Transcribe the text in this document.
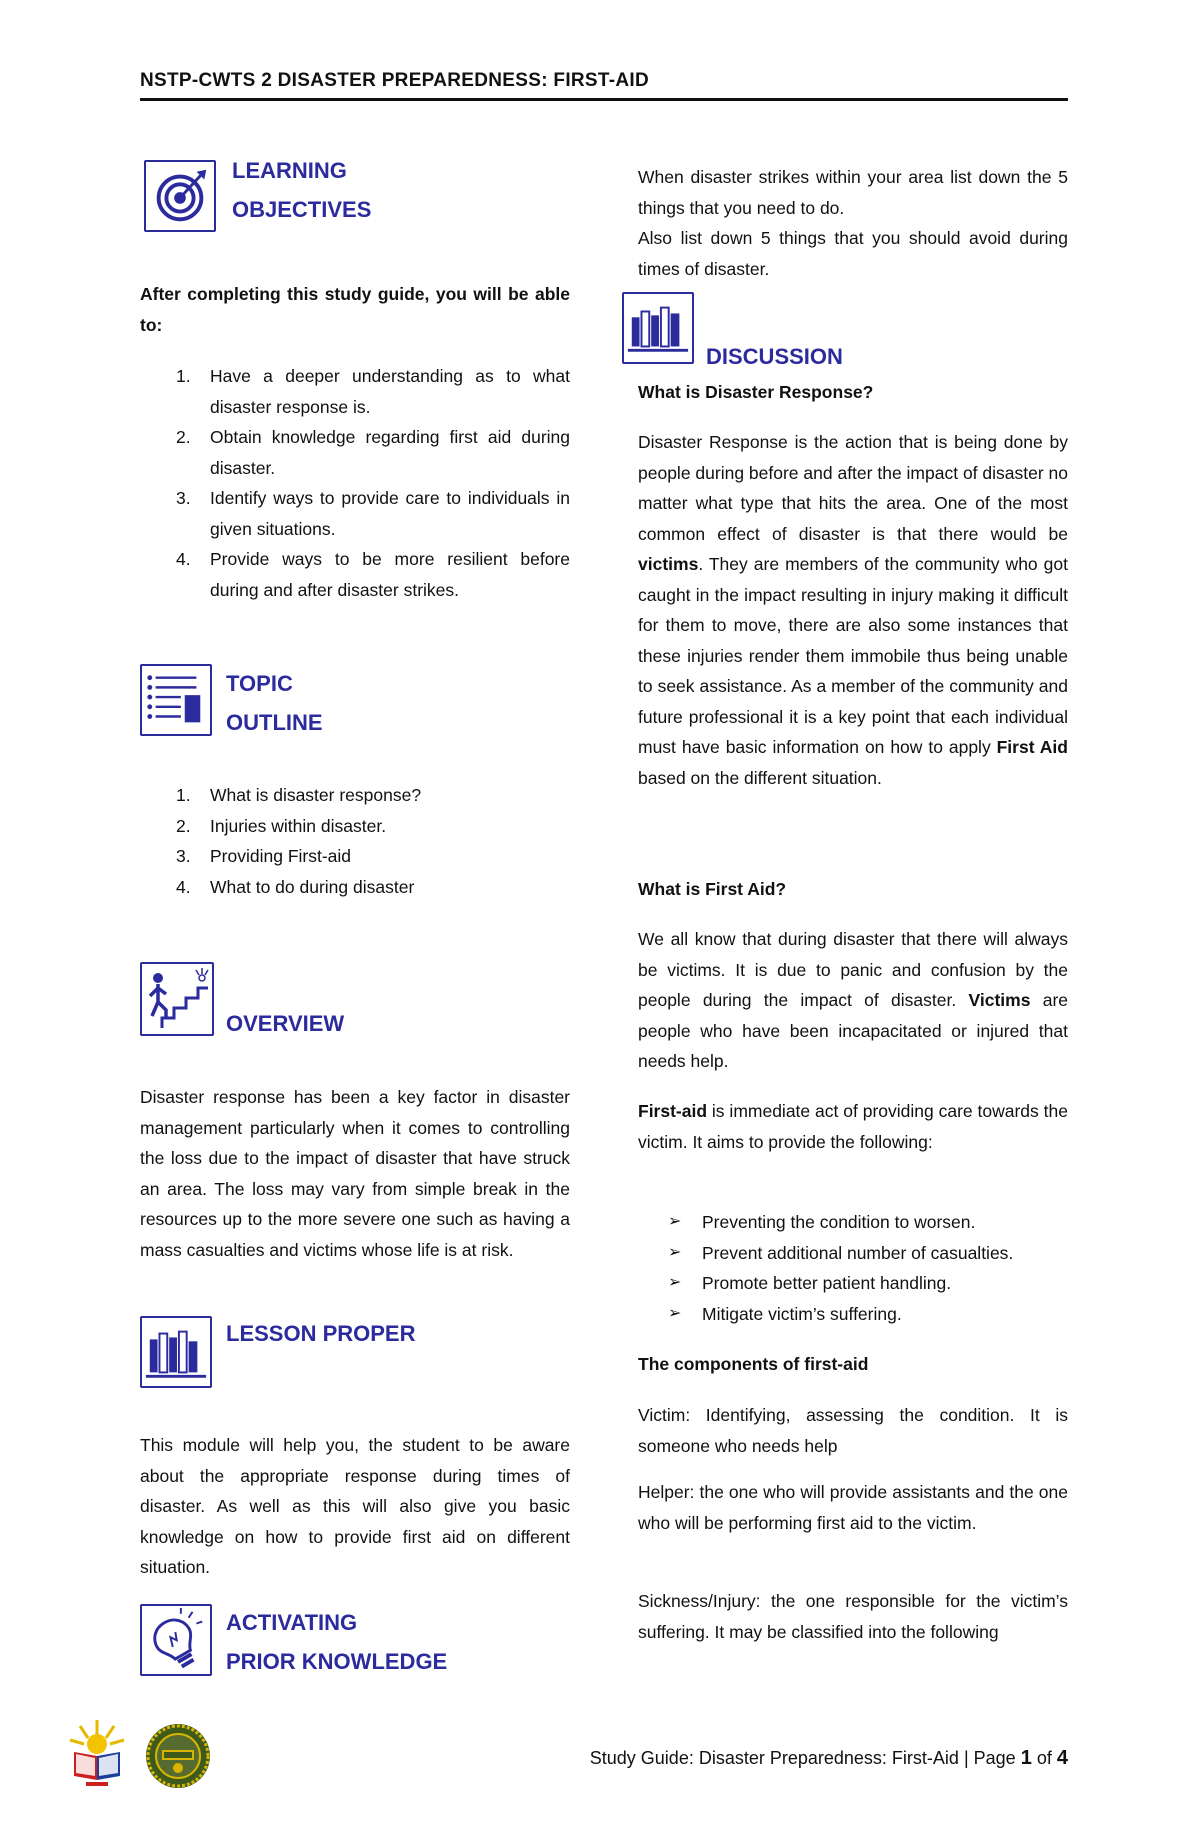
NSTP-CWTS 2 DISASTER PREPAREDNESS: FIRST-AID
LEARNING
OBJECTIVES

After completing this study guide, you will be able to:

1. Have a deeper understanding as to what disaster response is.
2. Obtain knowledge regarding first aid during disaster.
3. Identify ways to provide care to individuals in given situations.
4. Provide ways to be more resilient before during and after disaster strikes.
TOPIC
OUTLINE
1. What is disaster response?
2. Injuries within disaster.
3. Providing First-aid
4. What to do during disaster
OVERVIEW

Disaster response has been a key factor in disaster management particularly when it comes to controlling the loss due to the impact of disaster that have struck an area. The loss may vary from simple break in the resources up to the more severe one such as having a mass casualties and victims whose life is at risk.

LESSON PROPER

This module will help you, the student to be aware about the appropriate response during times of disaster. As well as this will also give you basic knowledge on how to provide first aid on different situation.

ACTIVATING
PRIOR KNOWLEDGE

When disaster strikes within your area list down the 5 things that you need to do.

Also list down 5 things that you should avoid during times of disaster.

DISCUSSION

What is Disaster Response?

Disaster Response is the action that is being done by people during before and after the impact of disaster no matter what type that hits the area. One of the most common effect of disaster is that there would be victims. They are members of the community who got caught in the impact resulting in injury making it difficult for them to move, there are also some instances that these injuries render them immobile thus being unable to seek assistance. As a member of the community and future professional it is a key point that each individual must have basic information on how to apply First Aid based on the different situation.

What is First Aid?

We all know that during disaster that there will always be victims. It is due to panic and confusion by the people during the impact of disaster. Victims are people who have been incapacitated or injured that needs help.

First-aid is immediate act of providing care towards the victim. It aims to provide the following:

➢ Preventing the condition to worsen.
➢ Prevent additional number of casualties.
➢ Promote better patient handling.
➢ Mitigate victim’s suffering.

The components of first-aid

Victim: Identifying, assessing the condition. It is someone who needs help

Helper: the one who will provide assistants and the one who will be performing first aid to the victim.

Sickness/Injury: the one responsible for the victim’s suffering. It may be classified into the following

Study Guide: Disaster Preparedness: First-Aid | Page 1 of 4
